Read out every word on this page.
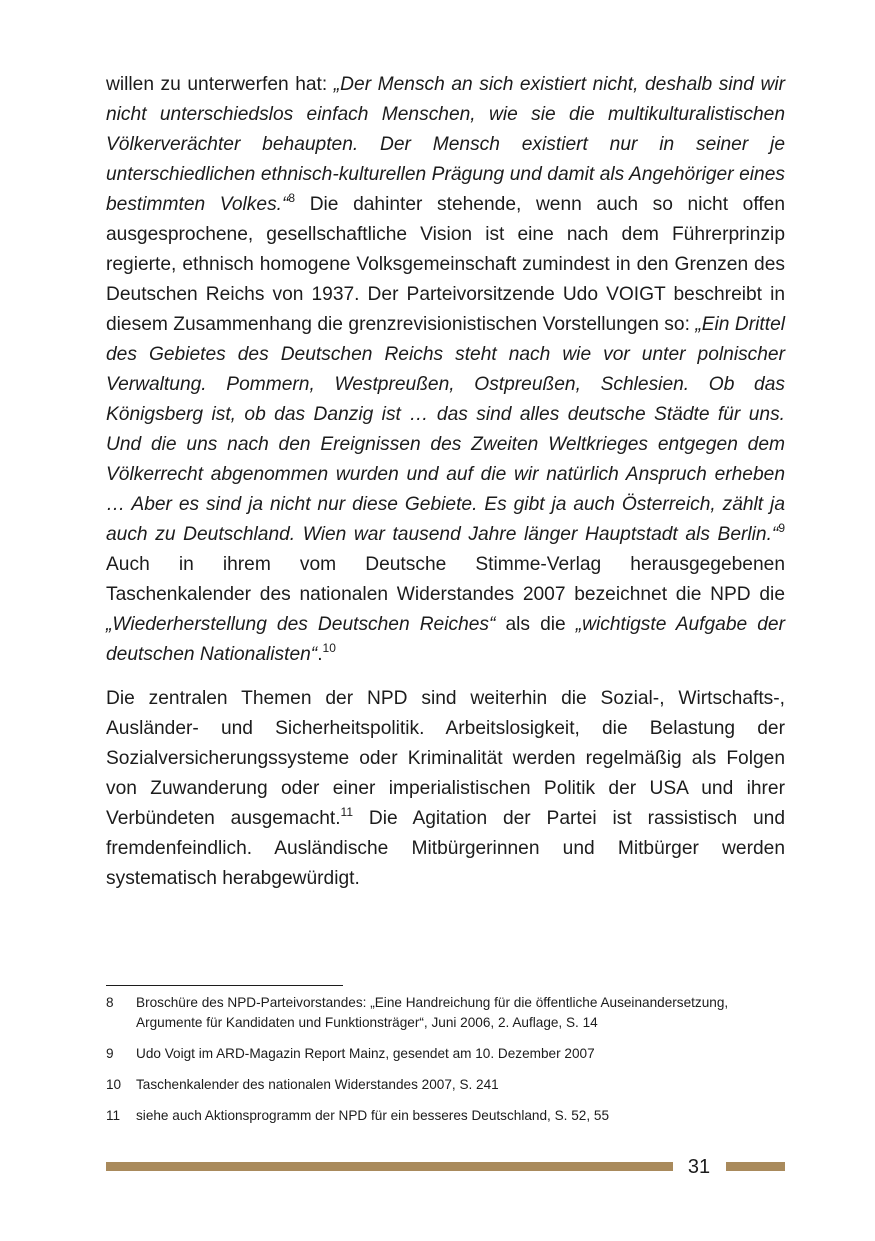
willen zu unterwerfen hat: „Der Mensch an sich existiert nicht, deshalb sind wir nicht unterschiedslos einfach Menschen, wie sie die multikulturalistischen Völkerverächter behaupten. Der Mensch existiert nur in seiner je unterschiedlichen ethnisch-kulturellen Prägung und damit als Angehöriger eines bestimmten Volkes.“$^8$ Die dahinter stehende, wenn auch so nicht offen ausgesprochene, gesellschaftliche Vision ist eine nach dem Führerprinzip regierte, ethnisch homogene Volksgemeinschaft zumindest in den Grenzen des Deutschen Reichs von 1937. Der Parteivorsitzende Udo VOIGT beschreibt in diesem Zusammenhang die grenzrevisionistischen Vorstellungen so: „Ein Drittel des Gebietes des Deutschen Reichs steht nach wie vor unter polnischer Verwaltung. Pommern, Westpreußen, Ostpreußen, Schlesien. Ob das Königsberg ist, ob das Danzig ist … das sind alles deutsche Städte für uns. Und die uns nach den Ereignissen des Zweiten Weltkrieges entgegen dem Völkerrecht abgenommen wurden und auf die wir natürlich Anspruch erheben … Aber es sind ja nicht nur diese Gebiete. Es gibt ja auch Österreich, zählt ja auch zu Deutschland. Wien war tausend Jahre länger Hauptstadt als Berlin.“$^9$ Auch in ihrem vom Deutsche Stimme-Verlag herausgegebenen Taschenkalender des nationalen Widerstandes 2007 bezeichnet die NPD die „Wiederherstellung des Deutschen Reiches“ als die „wichtigste Aufgabe der deutschen Nationalisten“.$^{10}$

Die zentralen Themen der NPD sind weiterhin die Sozial-, Wirtschafts-, Ausländer- und Sicherheitspolitik. Arbeitslosigkeit, die Belastung der Sozialversicherungssysteme oder Kriminalität werden regelmäßig als Folgen von Zuwanderung oder einer imperialistischen Politik der USA und ihrer Verbündeten ausgemacht.$^{11}$ Die Agitation der Partei ist rassistisch und fremdenfeindlich. Ausländische Mitbürgerinnen und Mitbürger werden systematisch herabgewürdigt.

8	Broschüre des NPD-Parteivorstandes: „Eine Handreichung für die öffentliche Auseinandersetzung, Argumente für Kandidaten und Funktionsträger“, Juni 2006, 2. Auflage, S. 14
9	Udo Voigt im ARD-Magazin Report Mainz, gesendet am 10. Dezember 2007
10	Taschenkalender des nationalen Widerstandes 2007, S. 241
11	siehe auch Aktionsprogramm der NPD für ein besseres Deutschland, S. 52, 55
31
